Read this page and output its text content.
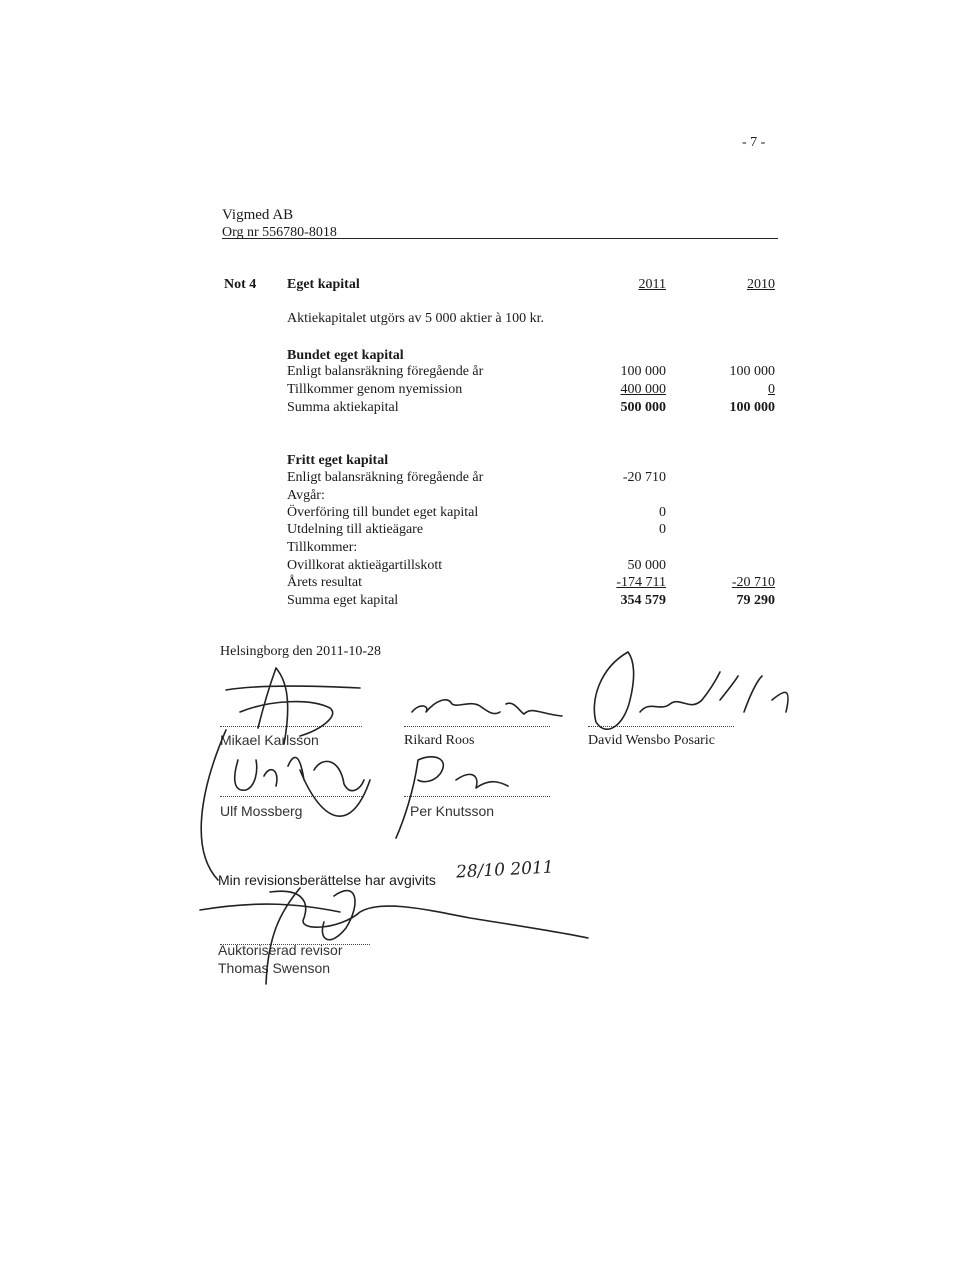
- 7 -
Vigmed AB
Org nr 556780-8018
Not 4 Eget kapital	2011	2010
Aktiekapitalet utgörs av 5 000 aktier à 100 kr.
Bundet eget kapital
Enligt balansräkning föregående år	100 000	100 000
Tillkommer genom nyemission	400 000	0
Summa aktiekapital	500 000	100 000
Fritt eget kapital
Enligt balansräkning föregående år	-20 710
Avgår:
Överföring till bundet eget kapital	0
Utdelning till aktieägare	0
Tillkommer:
Ovillkorat aktieägartillskott	50 000
Årets resultat	-174 711	-20 710
Summa eget kapital	354 579	79 290
Helsingborg den 2011-10-28
Mikael Karlsson	Rikard Roos	David Wensbo Posaric
Ulf Mossberg	Per Knutsson
Min revisionsberättelse har avgivits 28/10 2011
Auktoriserad revisor
Thomas Swenson
